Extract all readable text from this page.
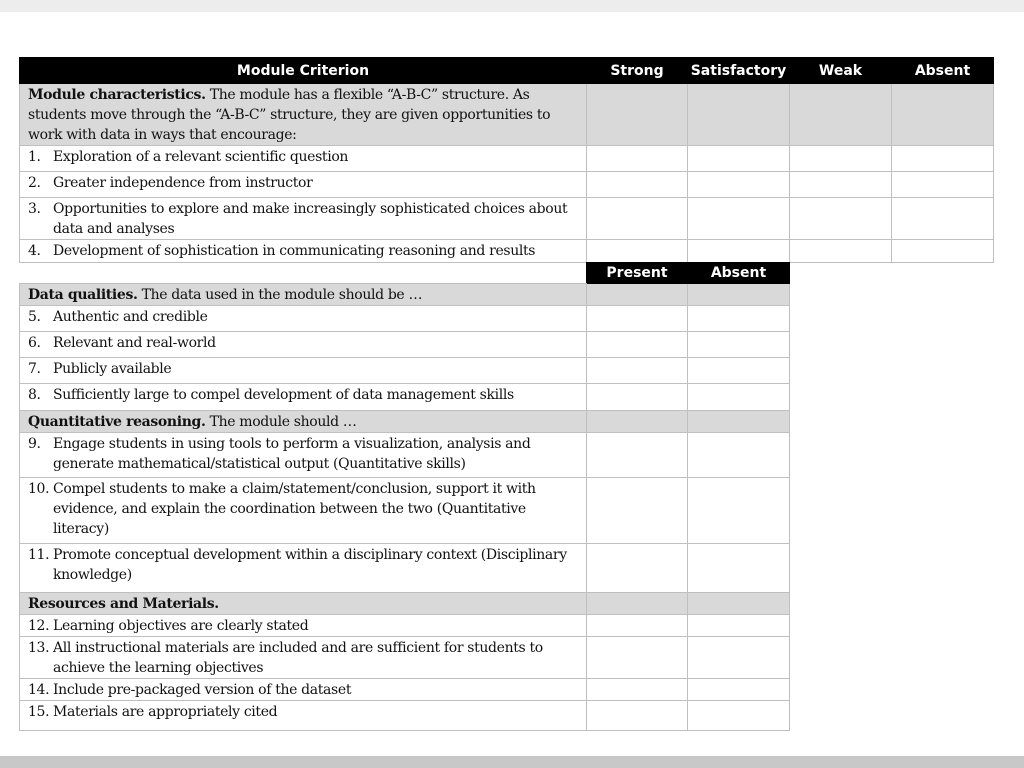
Module Criterion	Strong	Satisfactory	Weak	Absent
Module characteristics. The module has a flexible “A-B-C” structure. As students move through the “A-B-C” structure, they are given opportunities to work with data in ways that encourage:				

1. Exploration of a relevant scientific question				

2. Greater independence from instructor				

3. Opportunities to explore and make increasingly sophisticated choices about data and analyses				

4. Development of sophistication in communicating reasoning and results				

	Present	Absent
Data qualities. The data used in the module should be …		

5. Authentic and credible		

6. Relevant and real-world		

7. Publicly available		

8. Sufficiently large to compel development of data management skills		

Quantitative reasoning. The module should …		

9. Engage students in using tools to perform a visualization, analysis and generate mathematical/statistical output (Quantitative skills)		

10. Compel students to make a claim/statement/conclusion, support it with evidence, and explain the coordination between the two (Quantitative literacy)		

11. Promote conceptual development within a disciplinary context (Disciplinary knowledge)		

Resources and Materials.		

12. Learning objectives are clearly stated		

13. All instructional materials are included and are sufficient for students to achieve the learning objectives		

14. Include pre-packaged version of the dataset		

15. Materials are appropriately cited		
